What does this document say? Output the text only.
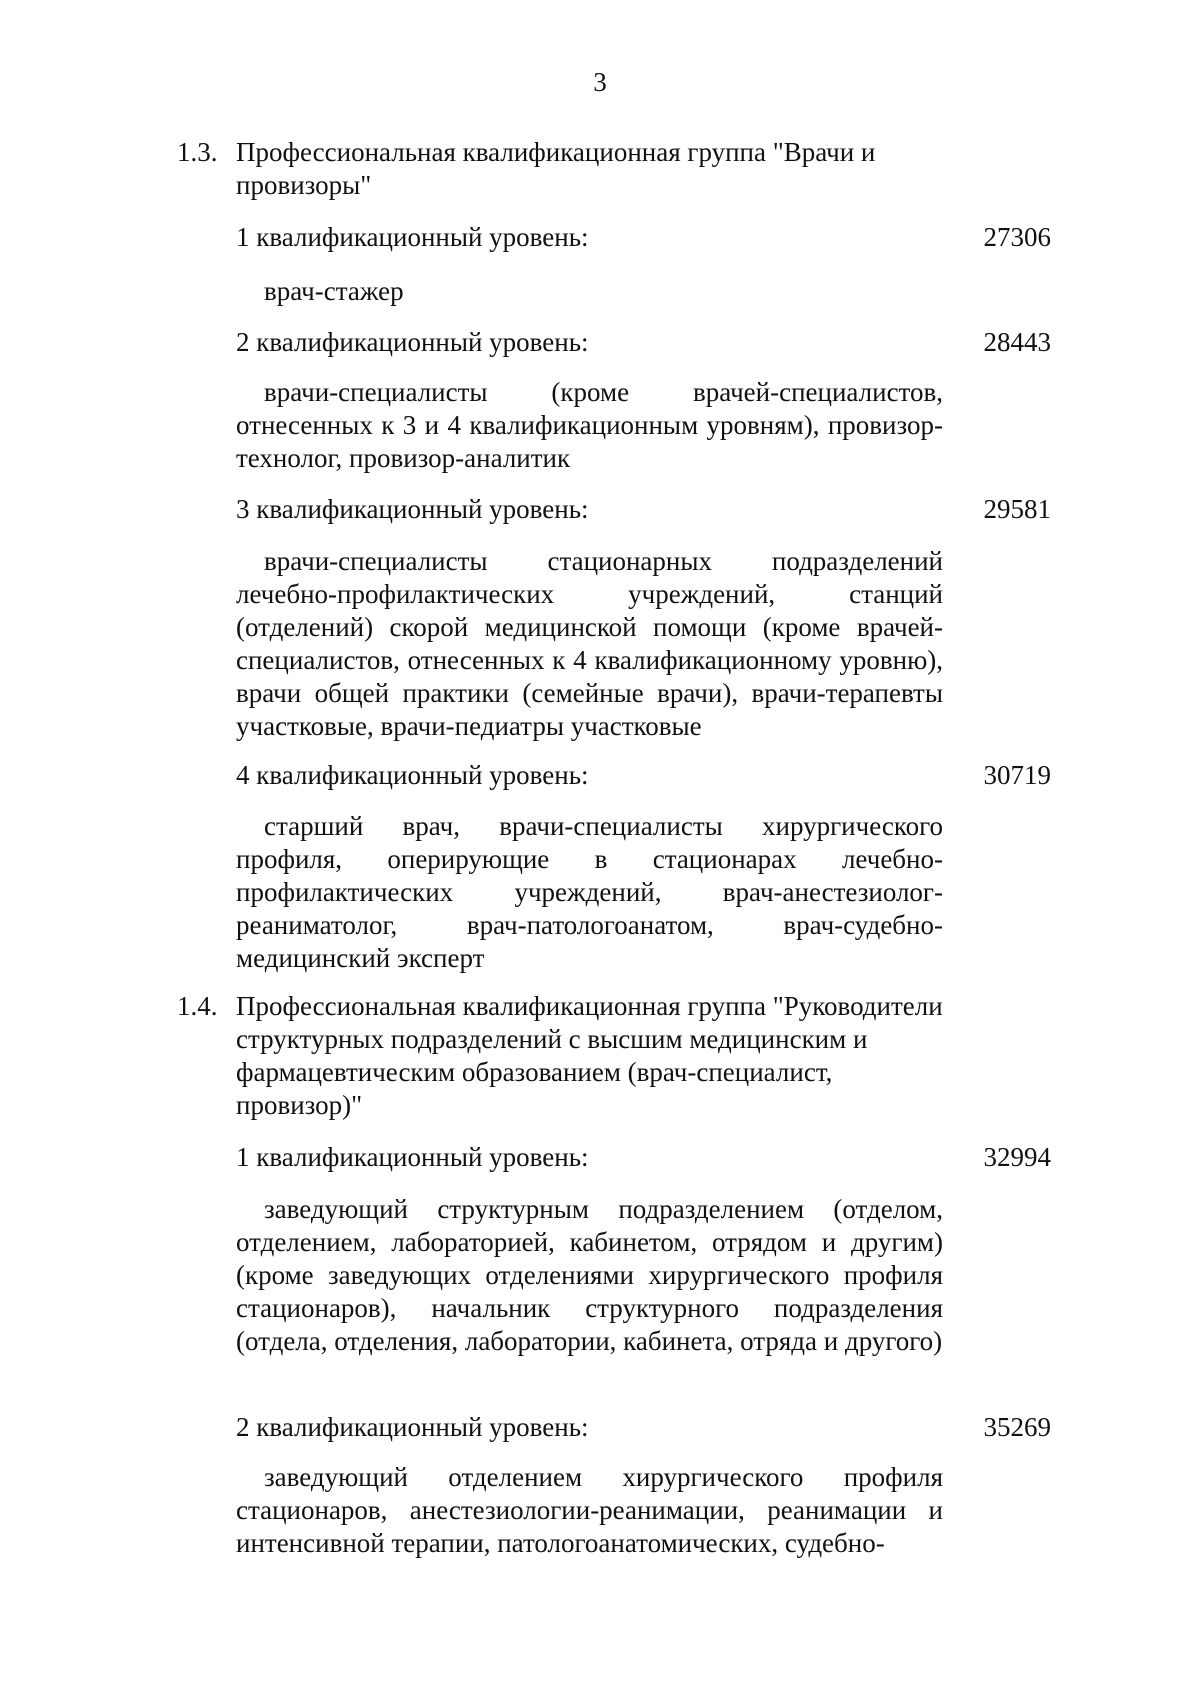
3
1.3. Профессиональная квалификационная группа "Врачи и провизоры"
1 квалификационный уровень:	27306
врач-стажер
2 квалификационный уровень:	28443
врачи-специалисты (кроме врачей-специалистов, отнесенных к 3 и 4 квалификационным уровням), провизор-технолог, провизор-аналитик
3 квалификационный уровень:	29581
врачи-специалисты стационарных подразделений лечебно-профилактических учреждений, станций (отделений) скорой медицинской помощи (кроме врачей-специалистов, отнесенных к 4 квалификационному уровню), врачи общей практики (семейные врачи), врачи-терапевты участковые, врачи-педиатры участковые
4 квалификационный уровень:	30719
старший врач, врачи-специалисты хирургического профиля, оперирующие в стационарах лечебно-профилактических учреждений, врач-анестезиолог-реаниматолог, врач-патологоанатом, врач-судебно-медицинский эксперт
1.4. Профессиональная квалификационная группа "Руководители структурных подразделений с высшим медицинским и фармацевтическим образованием (врач-специалист, провизор)"
1 квалификационный уровень:	32994
заведующий структурным подразделением (отделом, отделением, лабораторией, кабинетом, отрядом и другим) (кроме заведующих отделениями хирургического профиля стационаров), начальник структурного подразделения (отдела, отделения, лаборатории, кабинета, отряда и другого)
2 квалификационный уровень:	35269
заведующий отделением хирургического профиля стационаров, анестезиологии-реанимации, реанимации и интенсивной терапии, патологоанатомических, судебно-
